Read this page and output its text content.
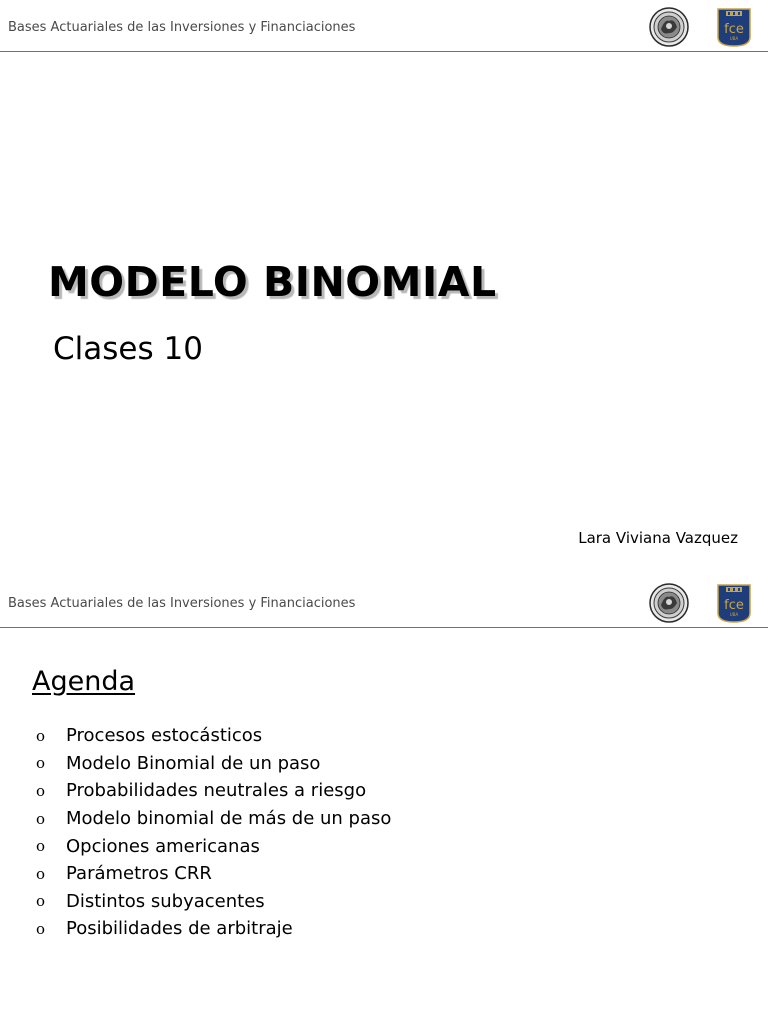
Bases Actuariales de las Inversiones y Financiaciones	fce
UBA
MODELO BINOMIAL
Clases 10
Lara Viviana Vazquez
Bases Actuariales de las Inversiones y Financiaciones	fce
UBA
Agenda
o	Procesos estocásticos
o	Modelo Binomial de un paso
o	Probabilidades neutrales a riesgo
o	Modelo binomial de más de un paso
o	Opciones americanas
o	Parámetros CRR
o	Distintos subyacentes
o	Posibilidades de arbitraje
